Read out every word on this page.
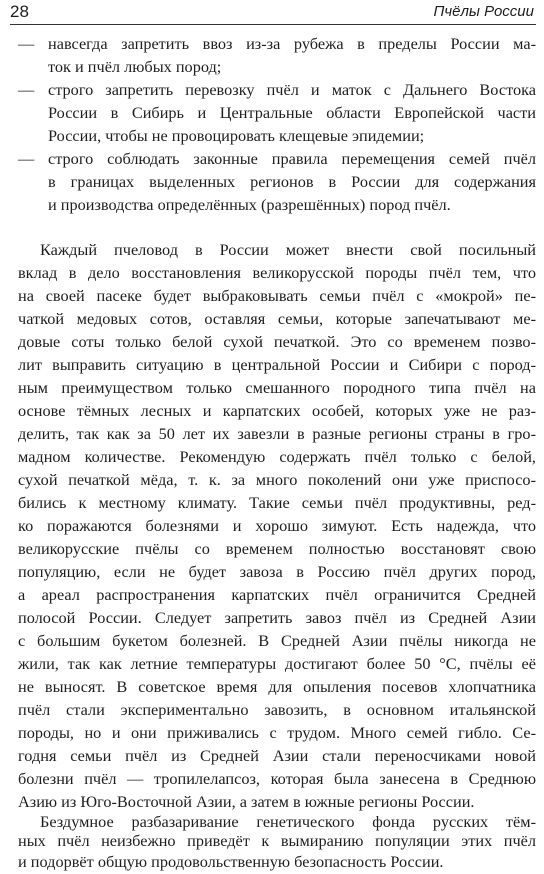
28	Пчёлы России
— навсегда запретить ввоз из-за рубежа в пределы России ма-
ток и пчёл любых пород;
— строго запретить перевозку пчёл и маток с Дальнего Востока
России в Сибирь и Центральные области Европейской части
России, чтобы не провоцировать клещевые эпидемии;
— строго соблюдать законные правила перемещения семей пчёл
в границах выделенных регионов в России для содержания
и производства определённых (разрешённых) пород пчёл.
Каждый пчеловод в России может внести свой посильный
вклад в дело восстановления великорусской породы пчёл тем, что
на своей пасеке будет выбраковывать семьи пчёл с «мокрой» пе-
чаткой медовых сотов, оставляя семьи, которые запечатывают ме-
довые соты только белой сухой печаткой. Это со временем позво-
лит выправить ситуацию в центральной России и Сибири с пород-
ным преимуществом только смешанного породного типа пчёл на
основе тёмных лесных и карпатских особей, которых уже не раз-
делить, так как за 50 лет их завезли в разные регионы страны в гро-
мадном количестве. Рекомендую содержать пчёл только с белой,
сухой печаткой мёда, т. к. за много поколений они уже приспосо-
бились к местному климату. Такие семьи пчёл продуктивны, ред-
ко поражаются болезнями и хорошо зимуют. Есть надежда, что
великорусские пчёлы со временем полностью восстановят свою
популяцию, если не будет завоза в Россию пчёл других пород,
а ареал распространения карпатских пчёл ограничится Средней
полосой России. Следует запретить завоз пчёл из Средней Азии
с большим букетом болезней. В Средней Азии пчёлы никогда не
жили, так как летние температуры достигают более 50 °С, пчёлы её
не выносят. В советское время для опыления посевов хлопчатника
пчёл стали экспериментально завозить, в основном итальянской
породы, но и они приживались с трудом. Много семей гибло. Се-
годня семьи пчёл из Средней Азии стали переносчиками новой
болезни пчёл — тропилелапсоз, которая была занесена в Среднюю
Азию из Юго-Восточной Азии, а затем в южные регионы России.
Бездумное разбазаривание генетического фонда русских тём-
ных пчёл неизбежно приведёт к вымиранию популяции этих пчёл
и подорвёт общую продовольственную безопасность России.
